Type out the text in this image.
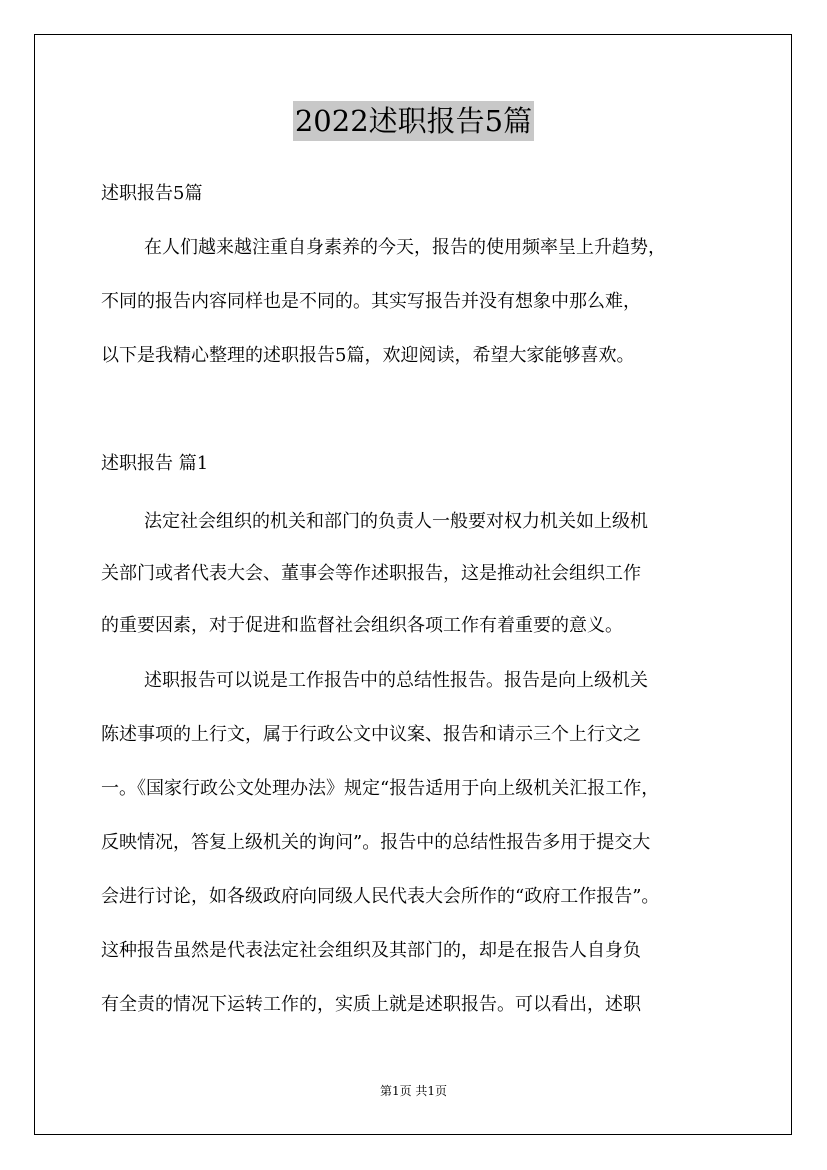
2022述职报告5篇

述职报告5篇

在人们越来越注重自身素养的今天，报告的使用频率呈上升趋势，

不同的报告内容同样也是不同的。其实写报告并没有想象中那么难，

以下是我精心整理的述职报告5篇，欢迎阅读，希望大家能够喜欢。

述职报告 篇1

法定社会组织的机关和部门的负责人一般要对权力机关如上级机

关部门或者代表大会、董事会等作述职报告，这是推动社会组织工作

的重要因素，对于促进和监督社会组织各项工作有着重要的意义。

述职报告可以说是工作报告中的总结性报告。报告是向上级机关

陈述事项的上行文，属于行政公文中议案、报告和请示三个上行文之

一。《国家行政公文处理办法》规定“报告适用于向上级机关汇报工作，

反映情况，答复上级机关的询问”。报告中的总结性报告多用于提交大

会进行讨论，如各级政府向同级人民代表大会所作的“政府工作报告”。

这种报告虽然是代表法定社会组织及其部门的，却是在报告人自身负

有全责的情况下运转工作的，实质上就是述职报告。可以看出，述职

第1页 共1页
